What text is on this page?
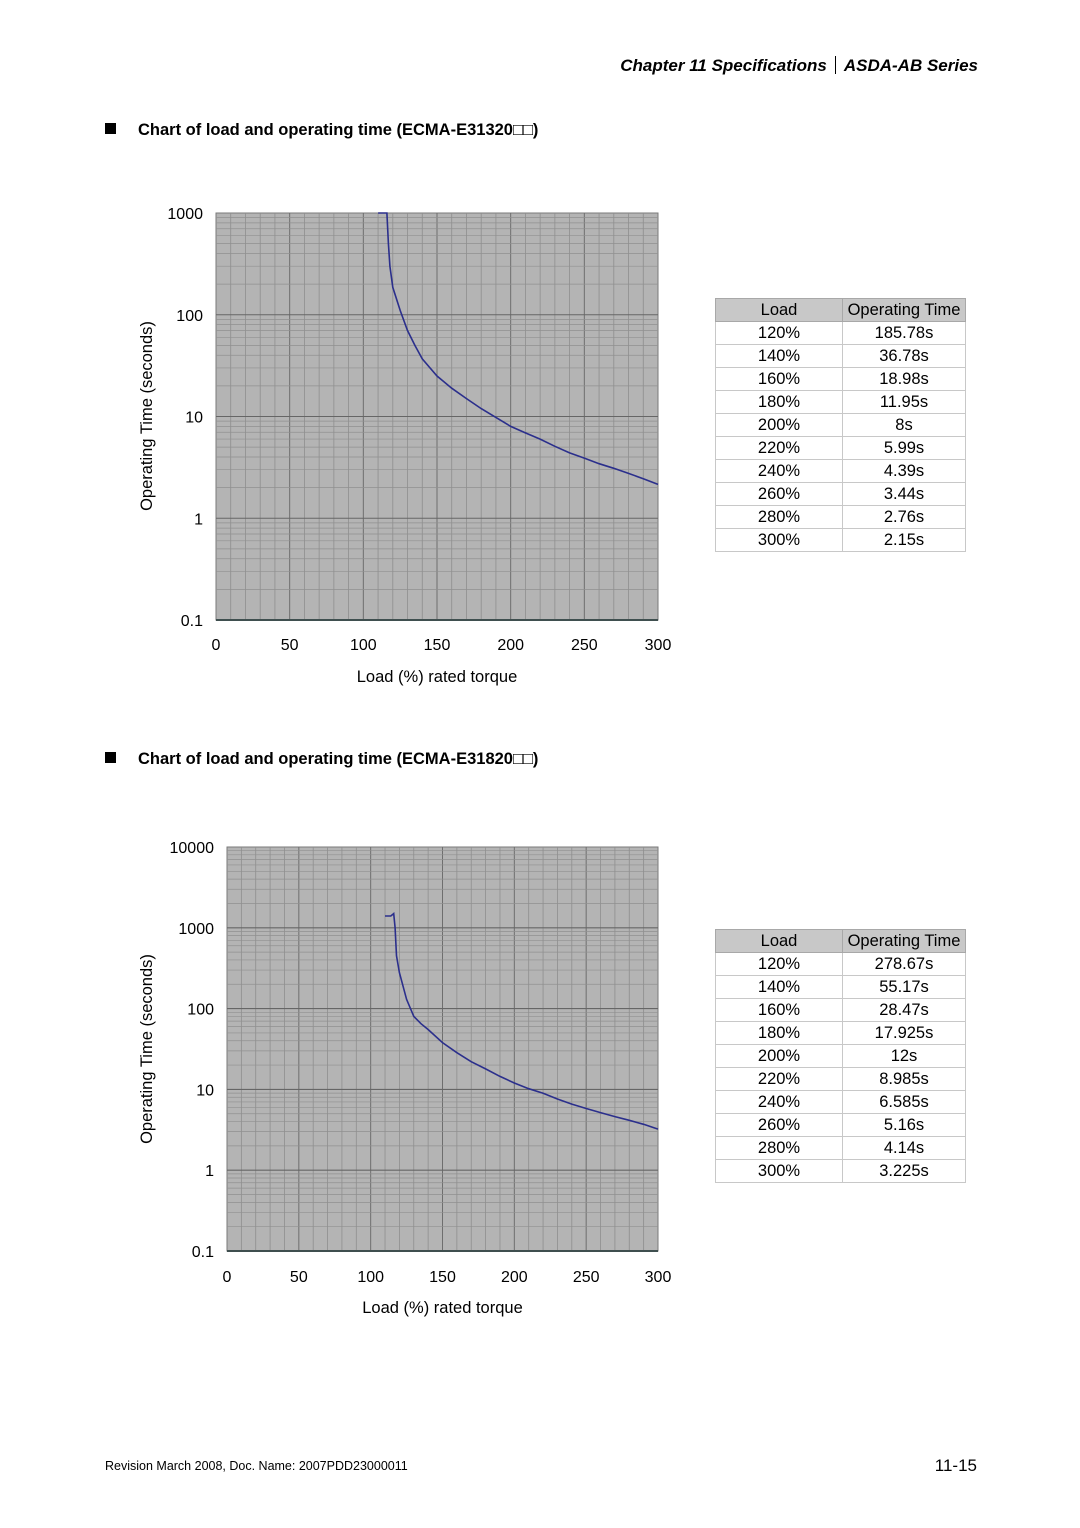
Chapter 11 Specifications ASDA-AB Series
Chart of load and operating time (ECMA-E31320□□)
0	50	100	150	200	250	300
0.1
1
10
100
1000
Load (%) rated torque
Operating Time (seconds)
Load	Operating Time
120%	185.78s
140%	36.78s
160%	18.98s
180%	11.95s
200%	8s
220%	5.99s
240%	4.39s
260%	3.44s
280%	2.76s
300%	2.15s
Chart of load and operating time (ECMA-E31820□□)
0	50	100	150	200	250	300
0.1
1
10
100
1000
10000
Load (%) rated torque
Operating Time (seconds)
Load	Operating Time
120%	278.67s
140%	55.17s
160%	28.47s
180%	17.925s
200%	12s
220%	8.985s
240%	6.585s
260%	5.16s
280%	4.14s
300%	3.225s
Revision March 2008, Doc. Name: 2007PDD23000011	11-15
